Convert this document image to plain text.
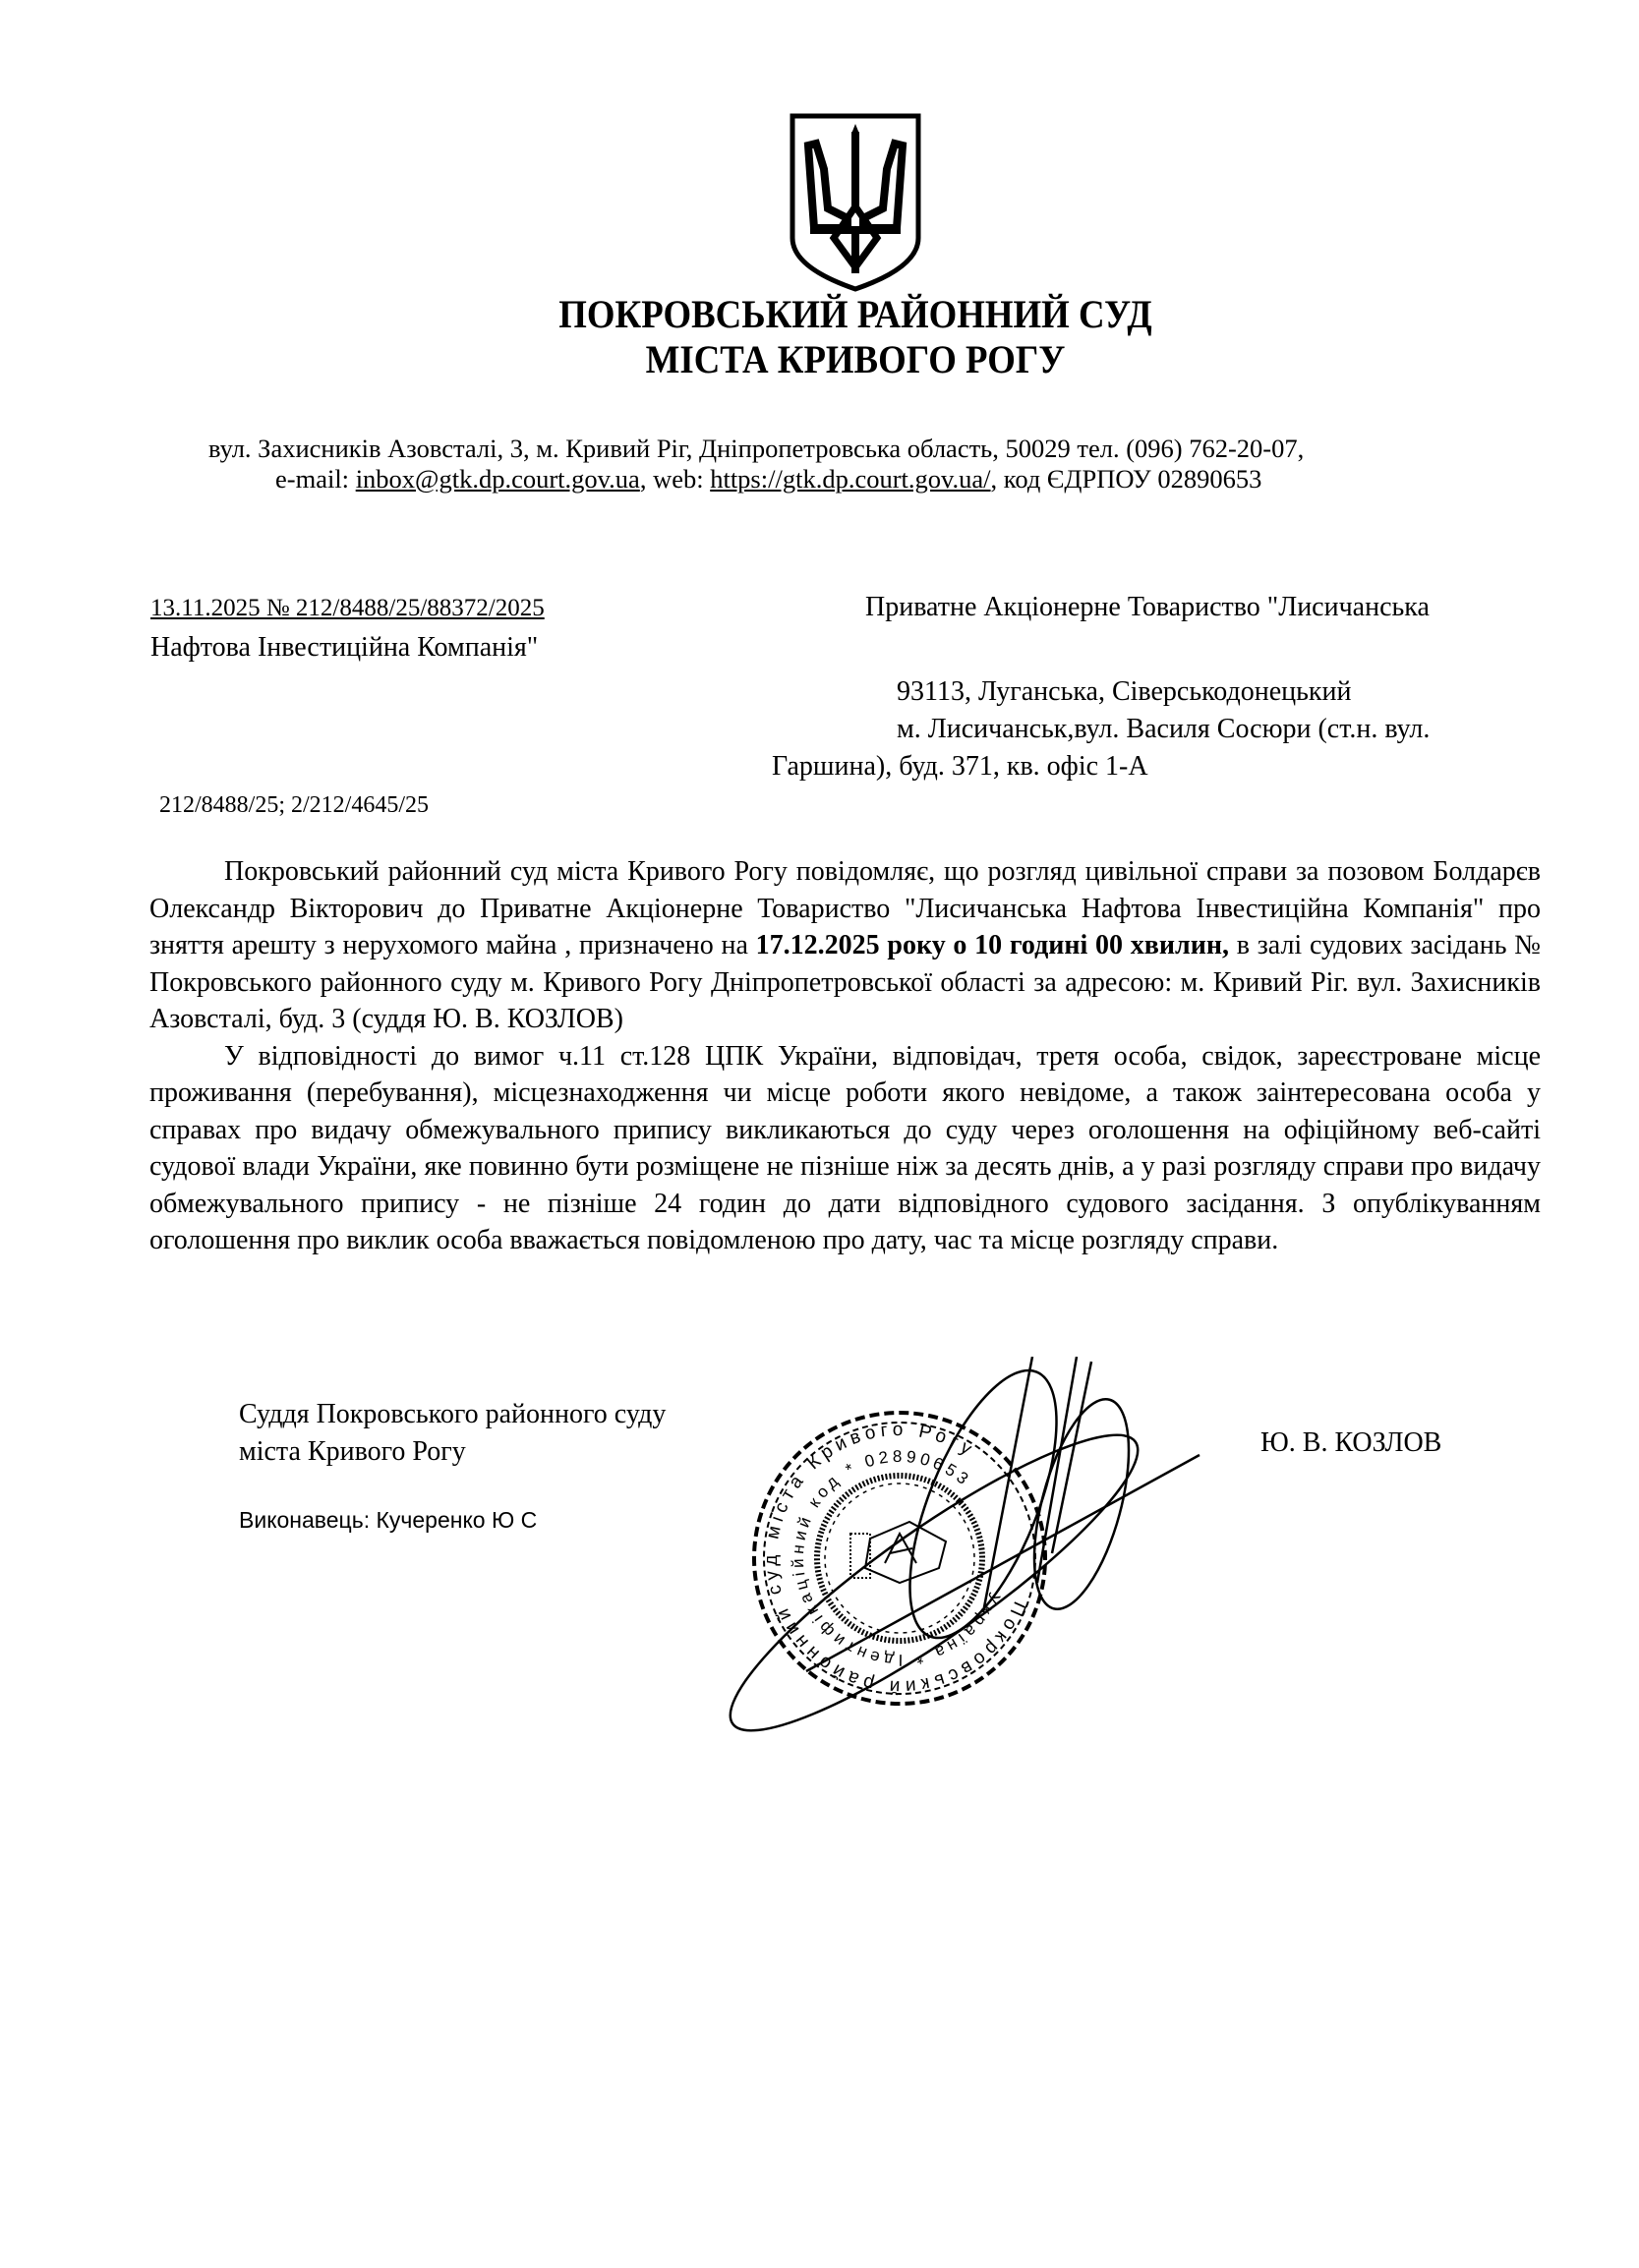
ПОКРОВСЬКИЙ РАЙОННИЙ СУД
МІСТА КРИВОГО РОГУ
вул. Захисників Азовсталі, 3, м. Кривий Ріг, Дніпропетровська область, 50029 тел. (096) 762-20-07,
е-mail: inbox@gtk.dp.court.gov.ua, web: https://gtk.dp.court.gov.ua/, код ЄДРПОУ 02890653
13.11.2025 № 212/8488/25/88372/2025	Приватне Акціонерне Товариство "Лисичанська
Нафтова Інвестиційна Компанія"
93113, Луганська, Сіверськодонецький
м. Лисичанськ,вул. Василя Сосюри (ст.н. вул.
Гаршина), буд. 371, кв. офіс 1-А
212/8488/25; 2/212/4645/25

Покровський районний суд міста Кривого Рогу повідомляє, що розгляд цивільної справи за позовом Болдарєв Олександр Вікторович до Приватне Акціонерне Товариство "Лисичанська Нафтова Інвестиційна Компанія" про зняття арешту з нерухомого майна , призначено на 17.12.2025 року о 10 годині 00 хвилин, в залі судових засідань № Покровського районного суду м. Кривого Рогу Дніпропетровської області за адресою: м. Кривий Ріг. вул. Захисників Азовсталі, буд. 3 (суддя Ю. В. КОЗЛОВ)

У відповідності до вимог ч.11 ст.128 ЦПК України, відповідач, третя особа, свідок, зареєстроване місце проживання (перебування), місцезнаходження чи місце роботи якого невідоме, а також заінтересована особа у справах про видачу обмежувального припису викликаються до суду через оголошення на офіційному веб-сайті судової влади України, яке повинно бути розміщене не пізніше ніж за десять днів, а у разі розгляду справи про видачу обмежувального припису - не пізніше 24 годин до дати відповідного судового засідання. З опублікуванням оголошення про виклик особа вважається повідомленою про дату, час та місце розгляду справи.

Суддя Покровського районного суду
міста Кривого Рогу	Ю. В. КОЗЛОВ
Виконавець: Кучеренко Ю С
Покровський районний суд міста Кривого Рогу
Україна * Ідентифікаційний код * 02890653
